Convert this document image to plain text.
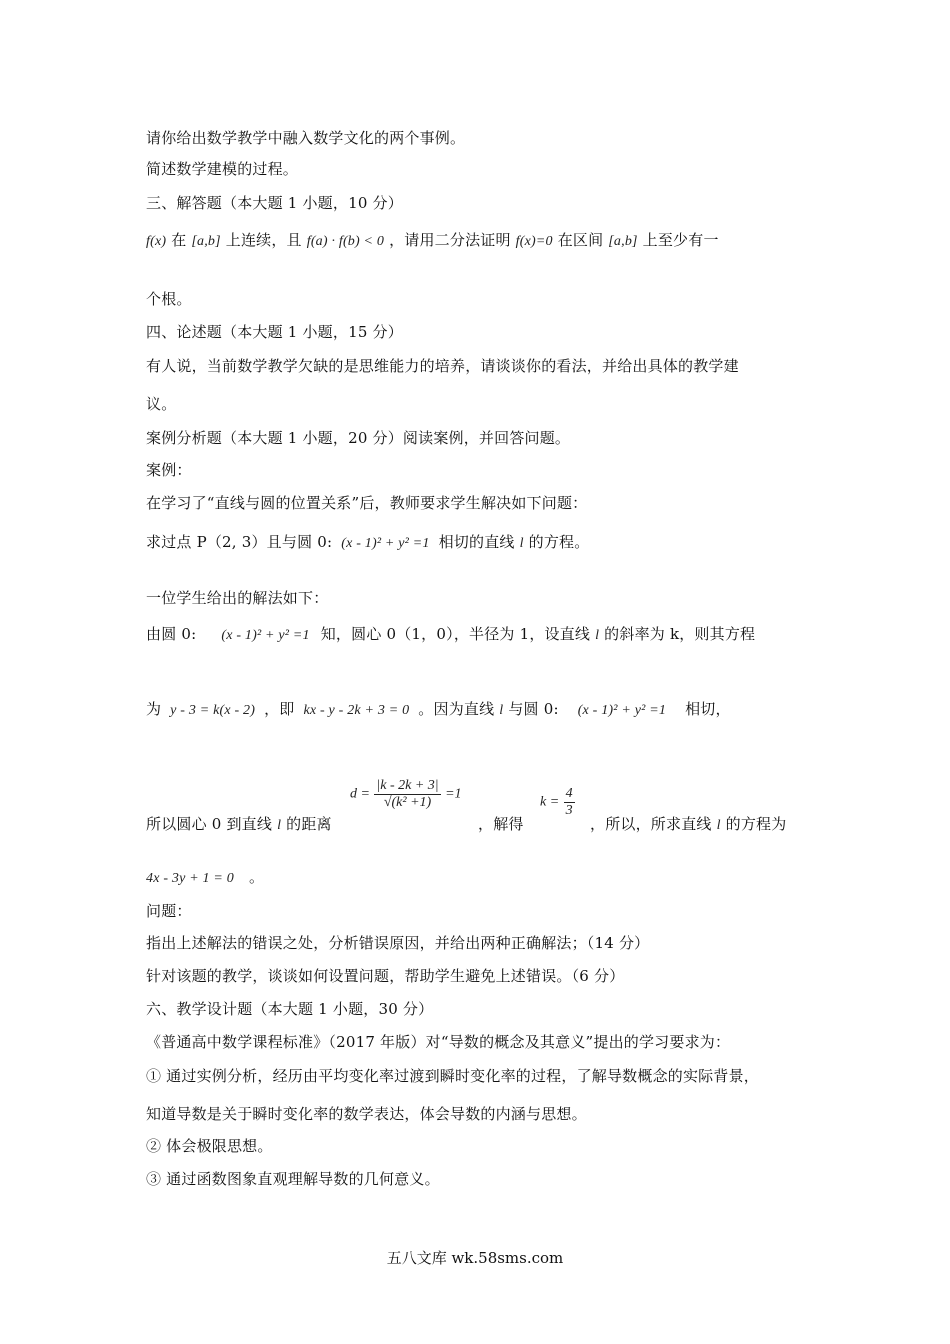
请你给出数学教学中融入数学文化的两个事例。
简述数学建模的过程。
三、解答题（本大题 1 小题，10 分）
f(x) 在 [a,b] 上连续，且 f(a) · f(b) < 0 ，请用二分法证明 f(x)=0 在区间 [a,b] 上至少有一
个根。
四、论述题（本大题 1 小题，15 分）
有人说，当前数学教学欠缺的是思维能力的培养，请谈谈你的看法，并给出具体的教学建
议。
案例分析题（本大题 1 小题，20 分）阅读案例，并回答问题。
案例：
在学习了“直线与圆的位置关系”后，教师要求学生解决如下问题：
求过点 P（2, 3）且与圆 0: (x - 1)² + y² =1 相切的直线 l 的方程。
一位学生给出的解法如下：
由圆 0: (x - 1)² + y² =1 知，圆心 0（1，0），半径为 1，设直线 l 的斜率为 k，则其方程
为 y - 3 = k(x - 2) ，即 kx - y - 2k + 3 = 0 。因为直线 l 与圆 0: (x - 1)² + y² =1 相切，
所以圆心 0 到直线 l 的距离
$d = \frac{|k - 2k + 3|}{\text{√(k² +1)}} =1$
，解得
$k = \frac{4}{3}$
，所以，所求直线 l 的方程为
4x - 3y + 1 = 0 。
问题：
指出上述解法的错误之处，分析错误原因，并给出两种正确解法；（14 分）
针对该题的教学，谈谈如何设置问题，帮助学生避免上述错误。（6 分）
六、教学设计题（本大题 1 小题，30 分）
《普通高中数学课程标准》（2017 年版）对“导数的概念及其意义”提出的学习要求为：
① 通过实例分析，经历由平均变化率过渡到瞬时变化率的过程，了解导数概念的实际背景，
知道导数是关于瞬时变化率的数学表达，体会导数的内涵与思想。
② 体会极限思想。
③ 通过函数图象直观理解导数的几何意义。
五八文库 wk.58sms.com
